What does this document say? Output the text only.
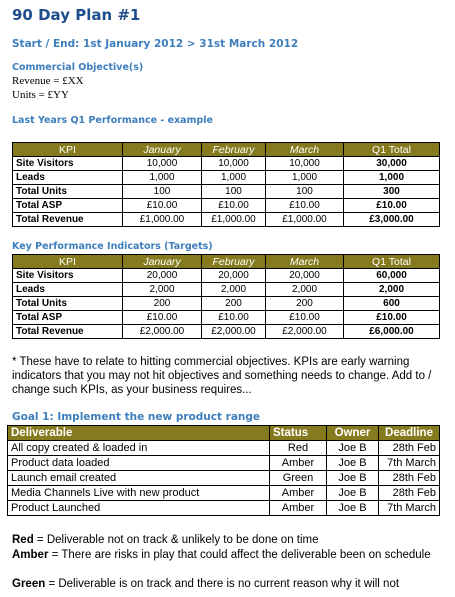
90 Day Plan #1
Start / End: 1st January 2012 > 31st March 2012
Commercial Objective(s)
Revenue = £XX
Units = £YY
Last Years Q1 Performance - example
KPI	January	February	March	Q1 Total
Site Visitors	10,000	10,000	10,000	30,000
Leads	1,000	1,000	1,000	1,000
Total Units	100	100	100	300
Total ASP	£10.00	£10.00	£10.00	£10.00
Total Revenue	£1,000.00	£1,000.00	£1,000.00	£3,000.00
Key Performance Indicators (Targets)
KPI	January	February	March	Q1 Total
Site Visitors	20,000	20,000	20,000	60,000
Leads	2,000	2,000	2,000	2,000
Total Units	200	200	200	600
Total ASP	£10.00	£10.00	£10.00	£10.00
Total Revenue	£2,000.00	£2,000.00	£2,000.00	£6,000.00
* These have to relate to hitting commercial objectives. KPIs are early warning indicators that you may not hit objectives and something needs to change. Add to / change such KPIs, as your business requires...
Goal 1: Implement the new product range
Deliverable	Status	Owner	Deadline
All copy created & loaded in	Red	Joe B	28th Feb
Product data loaded	Amber	Joe B	7th March
Launch email created	Green	Joe B	28th Feb
Media Channels Live with new product	Amber	Joe B	28th Feb
Product Launched	Amber	Joe B	7th March
Red = Deliverable not on track & unlikely to be done on time
Amber = There are risks in play that could affect the deliverable been on schedule
Green = Deliverable is on track and there is no current reason why it will not
